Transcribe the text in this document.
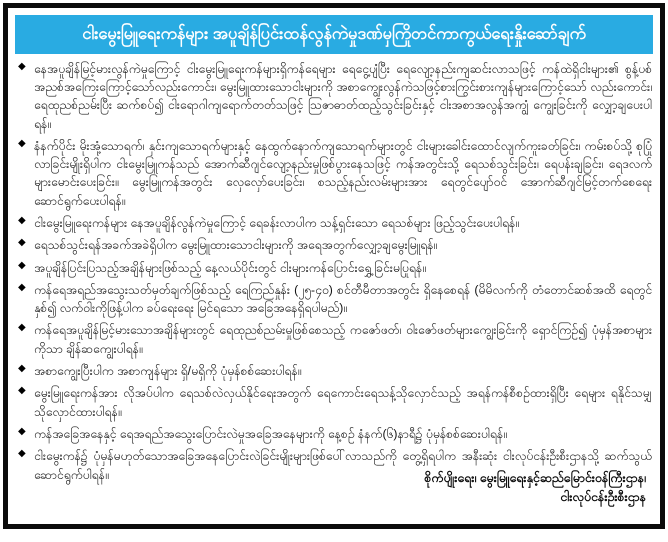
ငါးမွေးမြူရေးကန်များ အပူချိန်ပြင်းထန်လွန်ကဲမှုဒဏ်မှကြိုတင်ကာကွယ်ရေးနှိုးဆော်ချက်
◆ နေအပူချိန်မြင့်မားလွန်ကဲမှုကြောင့် ငါးမွေးမြူရေးကန်များရှိကန်ရေများ ရေငွေ့ပျံပြီး ရေလျော့နည်းကျဆင်းလာသဖြင့် ကန်ထဲရှိငါးများ၏ စွန့်ပစ်အညစ်အကြေးကြောင့်သော်လည်းကောင်း၊ မွေးမြူထားသောငါးများကို အစာကျွေးလွန်ကဲသဖြင့်စားကြွင်းစားကျန်များကြောင့်သော် လည်းကောင်း၊ ရေထုညစ်ညမ်းပြီး ဆက်စပ်၍ ငါးရောဂါကျရောက်တတ်သဖြင့် သြဇာဓာတ်ထည့်သွင်းခြင်းနှင့် ငါးအစာအလွန်အကျွံ ကျွေးခြင်းကို လျှော့ချပေးပါရန်။
◆ နံနက်ပိုင်း မိုးအုံ့သောရက်၊ နှင်းကျသောရက်များနှင့် နေထွက်နောက်ကျသောရက်များတွင် ငါးများခေါင်းထောင်လျက်ကူးခတ်ခြင်း၊ ကမ်းစပ်သို့ စုပြုံလာခြင်းမျိုးရှိပါက ငါးမွေးမြူကန်သည် အောက်ဆီဂျင်လျော့နည်းမှုဖြစ်ပွားနေသဖြင့် ကန်အတွင်းသို့ ရေသစ်သွင်းခြင်း၊ ရေပန်းချခြင်း၊ ရေဒလက်များမောင်းပေးခြင်း။ မွေးမြူကန်အတွင်း လှေလှော်ပေးခြင်း၊ စသည့်နည်းလမ်းများအား ရေတွင်ပျော်ဝင် အောက်ဆီဂျင်မြင့်တက်စေရေး ဆောင်ရွက်ပေးပါရန်။
◆ ငါးမွေးမြူရေးကန်များ နေအပူချိန်လွန်ကဲမှုကြောင့် ရေခန်းလာပါက သန့်ရှင်းသော ရေသစ်များ ဖြည့်သွင်းပေးပါရန်။
◆ ရေသစ်သွင်းရန်အခက်အခဲရှိပါက မွေးမြူထားသောငါးများကို အရေအတွက်လျှော့ချမွေးမြူရန်။
◆ အပူချိန်ပြင်းပြသည့်အချိန်များဖြစ်သည့် နေ့လယ်ပိုင်းတွင် ငါးများကန်ပြောင်းရွှေ့ခြင်းမပြုရန်။
◆ ကန်ရေအရည်အသွေးသတ်မှတ်ချက်ဖြစ်သည့် ရေကြည်နှုန်း (၂၅-၄၀) စင်တီမီတာအတွင်း ရှိနေစေရန် (မိမိလက်ကို တံတောင်ဆစ်အထိ ရေတွင်နှစ်၍ လက်ဝါးကိုဖြန့်ပါက ခပ်ရေးရေး မြင်ရသော အခြေအနေရှိရပါမည်)။
◆ ကန်ရေအပူချိန်မြင့်မားသောအချိန်များတွင် ရေထုညစ်ညမ်းမှုဖြစ်စေသည့် ကဇော်ဖတ်၊ ဝါးဇော်ဖတ်များကျွေးခြင်းကို ရှောင်ကြဉ်၍ ပုံမှန်အစာများကိုသာ ချိန်ဆကျွေးပါရန်။
◆ အစာကျွေးပြီးပါက အစာကျန်များ ရှိ/မရှိကို ပုံမှန်စစ်ဆေးပါရန်။
◆ မွေးမြူရေးကန်အား လိုအပ်ပါက ရေသစ်လဲလှယ်နိုင်ရေးအတွက် ရေကောင်းရေသန့်သိုလှောင်သည့် အရန်ကန်စီစဉ်ထားရှိပြီး ရေများ ရနိုင်သမျှ သိုလှောင်ထားပါရန်။
◆ ကန်အခြေအနေနှင့် ရေအရည်အသွေးပြောင်းလဲမှုအခြေအနေများကို နေ့စဉ် နံနက်(၆)နာရီ၌ ပုံမှန်စစ်ဆေးပါရန်။
◆ ငါးမွေးကန်၌ ပုံမှန်မဟုတ်သောအခြေအနေပြောင်းလဲခြင်းမျိုးများဖြစ်ပေါ်လာသည်ကို တွေ့ရှိရပါက အနီးဆုံး ငါးလုပ်ငန်းဦးစီးဌာနသို့ ဆက်သွယ်ဆောင်ရွက်ပါရန်။	စိုက်ပျိုးရေး၊ မွေးမြူရေးနှင့်ဆည်မြောင်းဝန်ကြီးဌာန၊
ငါးလုပ်ငန်းဦးစီးဌာန
